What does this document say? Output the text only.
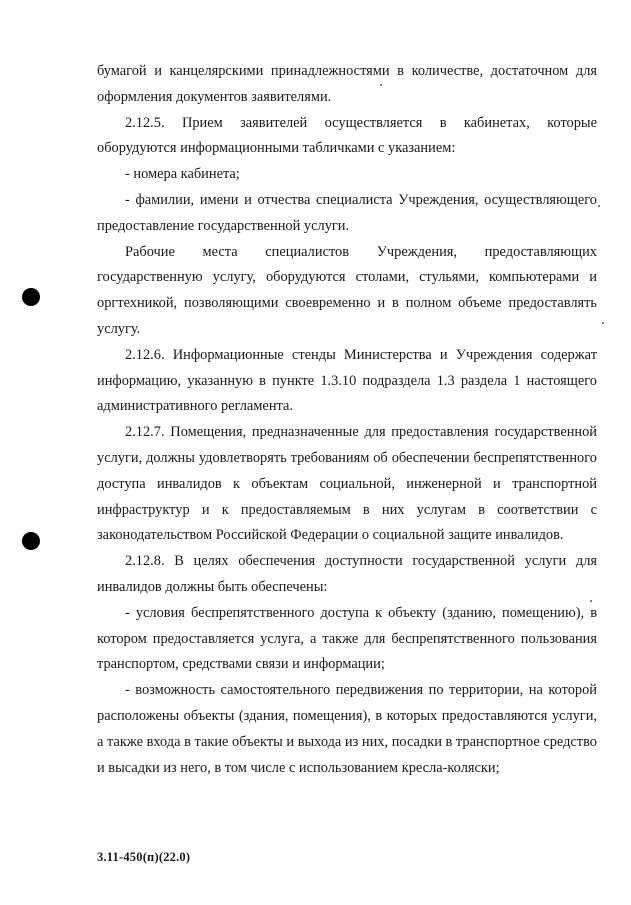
бумагой и канцелярскими принадлежностями в количестве, достаточном для оформления документов заявителями.

2.12.5. Прием заявителей осуществляется в кабинетах, которые оборудуются информационными табличками с указанием:

- номера кабинета;

- фамилии, имени и отчества специалиста Учреждения, осуществляющего предоставление государственной услуги.

Рабочие места специалистов Учреждения, предоставляющих государственную услугу, оборудуются столами, стульями, компьютерами и оргтехникой, позволяющими своевременно и в полном объеме предоставлять услугу.

2.12.6. Информационные стенды Министерства и Учреждения содержат информацию, указанную в пункте 1.3.10 подраздела 1.3 раздела 1 настоящего административного регламента.

2.12.7. Помещения, предназначенные для предоставления государственной услуги, должны удовлетворять требованиям об обеспечении беспрепятственного доступа инвалидов к объектам социальной, инженерной и транспортной инфраструктур и к предоставляемым в них услугам в соответствии с законодательством Российской Федерации о социальной защите инвалидов.

2.12.8. В целях обеспечения доступности государственной услуги для инвалидов должны быть обеспечены:

- условия беспрепятственного доступа к объекту (зданию, помещению), в котором предоставляется услуга, а также для беспрепятственного пользования транспортом, средствами связи и информации;

- возможность самостоятельного передвижения по территории, на которой расположены объекты (здания, помещения), в которых предоставляются услуги, а также входа в такие объекты и выхода из них, посадки в транспортное средство и высадки из него, в том числе с использованием кресла-коляски;

3.11-450(п)(22.0)
